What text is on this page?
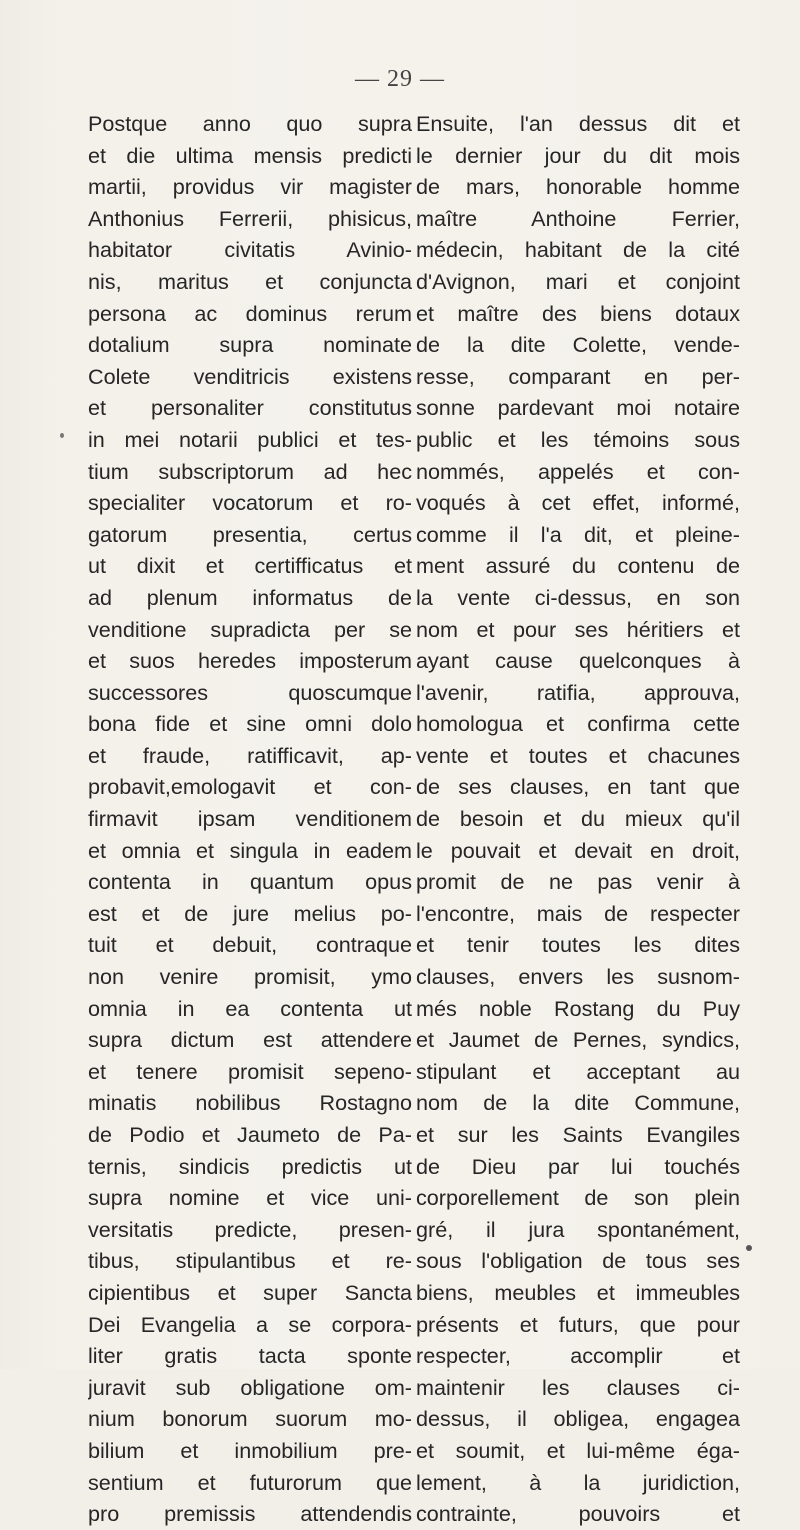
— 29 —
Postque anno quo supra
et die ultima mensis predicti
martii, providus vir magister
Anthonius Ferrerii, phisicus,
habitator civitatis Avinio-
nis, maritus et conjuncta
persona ac dominus rerum
dotalium supra nominate
Colete venditricis existens
et personaliter constitutus
in mei notarii publici et tes-
tium subscriptorum ad hec
specialiter vocatorum et ro-
gatorum presentia, certus
ut dixit et certifficatus et
ad plenum informatus de
venditione supradicta per se
et suos heredes imposterum
successores quoscumque
bona fide et sine omni dolo
et fraude, ratifficavit, ap-
probavit,emologavit et con-
firmavit ipsam venditionem
et omnia et singula in eadem
contenta in quantum opus
est et de jure melius po-
tuit et debuit, contraque
non venire promisit, ymo
omnia in ea contenta ut
supra dictum est attendere
et tenere promisit sepeno-
minatis nobilibus Rostagno
de Podio et Jaumeto de Pa-
ternis, sindicis predictis ut
supra nomine et vice uni-
versitatis predicte, presen-
tibus, stipulantibus et re-
cipientibus et super Sancta
Dei Evangelia a se corpora-
liter gratis tacta sponte
juravit sub obligatione om-
nium bonorum suorum mo-
bilium et inmobilium pre-
sentium et futurorum que
pro premissis attendendis
Ensuite, l'an dessus dit et
le dernier jour du dit mois
de mars, honorable homme
maître Anthoine Ferrier,
médecin, habitant de la cité
d'Avignon, mari et conjoint
et maître des biens dotaux
de la dite Colette, vende-
resse, comparant en per-
sonne pardevant moi notaire
public et les témoins sous
nommés, appelés et con-
voqués à cet effet, informé,
comme il l'a dit, et pleine-
ment assuré du contenu de
la vente ci-dessus, en son
nom et pour ses héritiers et
ayant cause quelconques à
l'avenir, ratifia, approuva,
homologua et confirma cette
vente et toutes et chacunes
de ses clauses, en tant que
de besoin et du mieux qu'il
le pouvait et devait en droit,
promit de ne pas venir à
l'encontre, mais de respecter
et tenir toutes les dites
clauses, envers les susnom-
més noble Rostang du Puy
et Jaumet de Pernes, syndics,
stipulant et acceptant au
nom de la dite Commune,
et sur les Saints Evangiles
de Dieu par lui touchés
corporellement de son plein
gré, il jura spontanément,
sous l'obligation de tous ses
biens, meubles et immeubles
présents et futurs, que pour
respecter, accomplir et
maintenir les clauses ci-
dessus, il obligea, engagea
et soumit, et lui-même éga-
lement, à la juridiction,
contrainte, pouvoirs et
